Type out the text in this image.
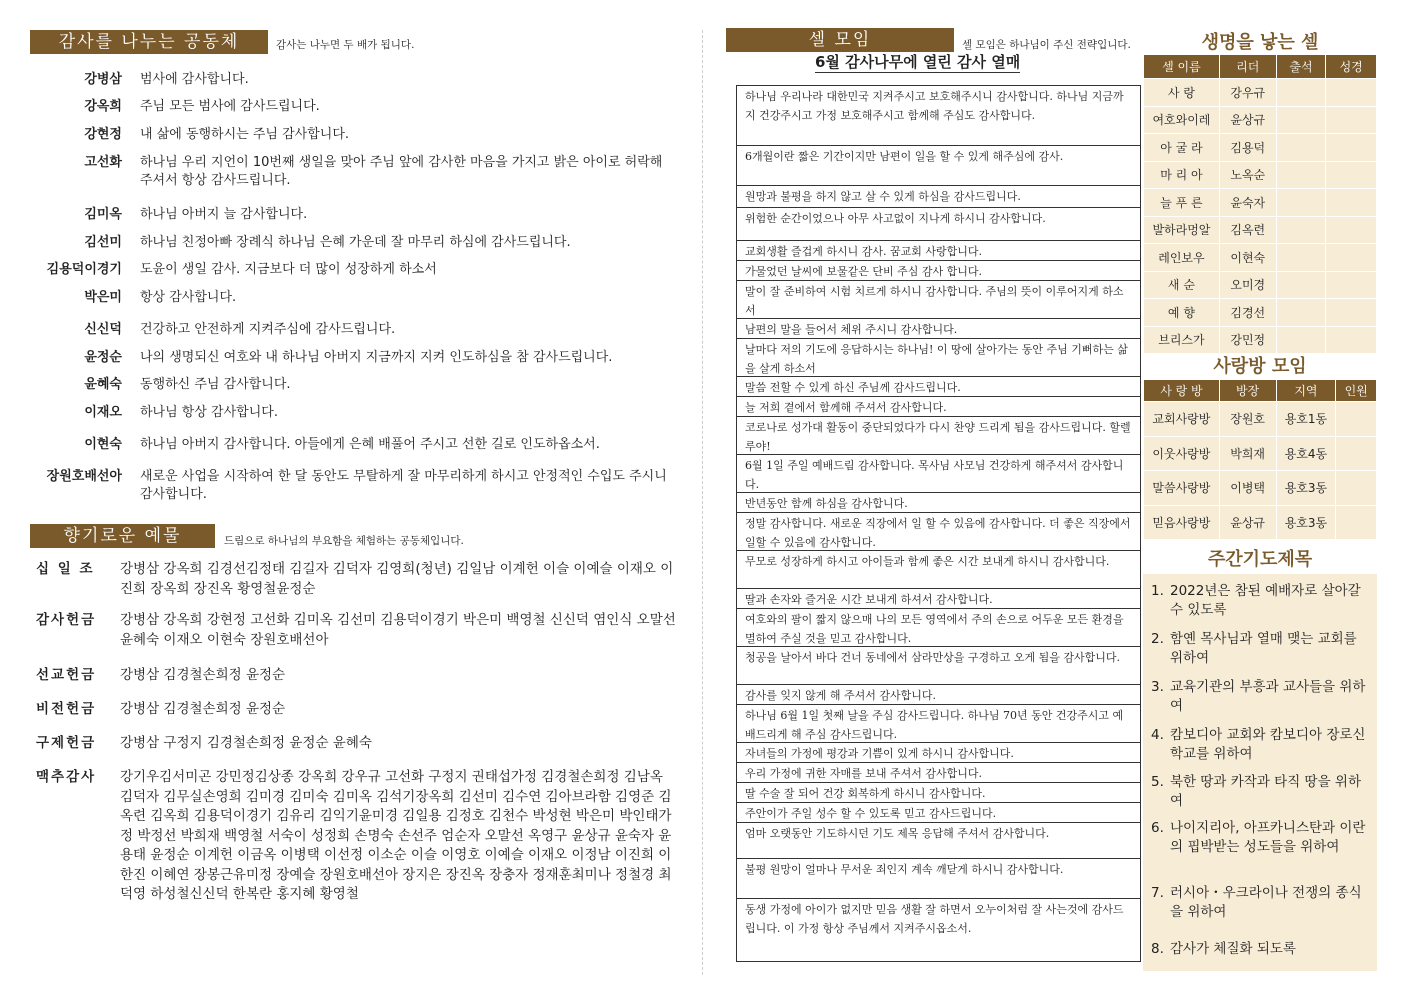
감사를 나누는 공동체	감사는 나누면 두 배가 됩니다.
강병삼 범사에 감사합니다.
강옥희 주님 모든 범사에 감사드립니다.
강현정 내 삶에 동행하시는 주님 감사합니다.
고선화 하나님 우리 지언이 10번째 생일을 맞아 주님 앞에 감사한 마음을 가지고 밝은 아이로 허락해 주셔서 항상 감사드립니다.
김미옥 하나님 아버지 늘 감사합니다.
김선미 하나님 친정아빠 장례식 하나님 은혜 가운데 잘 마무리 하심에 감사드립니다.
김용덕이경기 도윤이 생일 감사. 지금보다 더 많이 성장하게 하소서
박은미 항상 감사합니다.
신신덕 건강하고 안전하게 지켜주심에 감사드립니다.
윤정순 나의 생명되신 여호와 내 하나님 아버지 지금까지 지켜 인도하심을 참 감사드립니다.
윤혜숙 동행하신 주님 감사합니다.
이재오 하나님 항상 감사합니다.
이현숙 하나님 아버지 감사합니다. 아들에게 은혜 배풀어 주시고 선한 길로 인도하옵소서.
장원호배선아 새로운 사업을 시작하여 한 달 동안도 무탈하게 잘 마무리하게 하시고 안정적인 수입도 주시니 감사합니다.
향기로운 예물	드림으로 하나님의 부요함을 체험하는 공동체입니다.
십 일 조	강병삼 강옥희 김경선김정태 김길자 김덕자 김영희(청년) 김일남 이계헌 이슬 이예슬 이재오 이진희 장옥희 장진옥 황영철윤정순
감사헌금	강병삼 강옥희 강현정 고선화 김미옥 김선미 김용덕이경기 박은미 백영철 신신덕 염인식 오말선 윤혜숙 이재오 이현숙 장원호배선아
선교헌금	강병삼 김경철손희정 윤정순
비전헌금	강병삼 김경철손희정 윤정순
구제헌금	강병삼 구정지 김경철손희정 윤정순 윤혜숙
맥추감사	강기우김서미곤 강민정김상종 강옥희 강우규 고선화 구정지 권태섭가정 김경철손희정 김남옥 김덕자 김무실손영희 김미경 김미숙 김미옥 김석기장옥희 김선미 김수연 김아브라함 김영준 김옥련 김옥희 김용덕이경기 김유리 김익기윤미경 김일용 김정호 김천수 박성현 박은미 박인태가정 박정선 박희재 백영철 서숙이 성정희 손명숙 손선주 엄순자 오말선 옥영구 윤상규 윤숙자 윤용태 윤정순 이계헌 이금옥 이병택 이선정 이소순 이슬 이영호 이예슬 이재오 이정남 이진희 이한진 이혜연 장봉근유미정 장예슬 장원호배선아 장지은 장진옥 장충자 정재훈최미나 정철경 최덕영 하성철신신덕 한복란 홍지혜 황영철
셀 모임	셀 모임은 하나님이 주신 전략입니다.
6월 감사나무에 열린 감사 열매
하나님 우리나라 대한민국 지켜주시고 보호해주시니 감사합니다. 하나님 지금까지 건강주시고 가정 보호해주시고 함께해 주심도 감사합니다.
6개월이란 짧은 기간이지만 남편이 일을 할 수 있게 해주심에 감사.
원망과 불평을 하지 않고 살 수 있게 하심을 감사드립니다.
위험한 순간이었으나 아무 사고없이 지나게 하시니 감사합니다.
교회생활 즐겁게 하시니 감사. 꿈교회 사랑합니다.
가물었던 날씨에 보물같은 단비 주심 감사 합니다.
말이 잘 준비하여 시험 치르게 하시니 감사합니다. 주님의 뜻이 이루어지게 하소서
남편의 말을 들어서 체위 주시니 감사합니다.
날마다 저의 기도에 응답하시는 하나님! 이 땅에 살아가는 동안 주님 기뻐하는 삶을 살게 하소서
말씀 전할 수 있게 하신 주님께 감사드립니다.
늘 저희 곁에서 함께해 주셔서 감사합니다.
코로나로 성가대 활동이 중단되었다가 다시 찬양 드리게 됨을 감사드립니다. 할렐루야!
6월 1일 주일 예배드림 감사합니다. 목사님 사모님 건강하게 해주셔서 감사합니다.
반년동안 함께 하심을 감사합니다.
정말 감사합니다. 새로운 직장에서 일 할 수 있음에 감사합니다. 더 좋은 직장에서 일할 수 있음에 감사합니다.
무모로 성장하게 하시고 아이들과 함께 좋은 시간 보내게 하시니 감사합니다.
딸과 손자와 즐거운 시간 보내게 하셔서 감사합니다.
여호와의 팔이 짧지 않으매 나의 모든 영역에서 주의 손으로 어두운 모든 환경을 멸하여 주실 것을 믿고 감사합니다.
청공을 날아서 바다 건너 동네에서 삼라만상을 구경하고 오게 됨을 감사합니다.
감사를 잊지 않게 해 주셔서 감사합니다.
하나님 6월 1일 첫째 날을 주심 감사드립니다. 하나님 70년 동안 건강주시고 예배드리게 해 주심 감사드립니다.
자녀들의 가정에 평강과 기쁨이 있게 하시니 감사합니다.
우리 가정에 귀한 자매를 보내 주셔서 감사합니다.
딸 수술 잘 되어 건강 회복하게 하시니 감사합니다.
주안이가 주일 성수 할 수 있도록 믿고 감사드립니다.
엄마 오랫동안 기도하시던 기도 제목 응답해 주셔서 감사합니다.
불평 원망이 얼마나 무서운 죄인지 계속 깨닫게 하시니 감사합니다.
동생 가정에 아이가 없지만 믿음 생활 잘 하면서 오누이처럼 잘 사는것에 감사드립니다. 이 가정 항상 주님께서 지켜주시옵소서.
생명을 낳는 셀
셀 이름	리더	출석	성경
사 랑	강우규		
여호와이레	윤상규		
아 굴 라	김용덕		
마 리 아	노옥순		
늘 푸 른	윤숙자		
발하라멍알	김옥련		
레인보우	이현숙		
새 순	오미경		
예 향	김경선		
브리스가	강민정		
사랑방 모임
사 랑 방	방장	지역	인원
교회사랑방	장원호	용호1동	
이웃사랑방	박희재	용호4동	
말씀사랑방	이병택	용호3동	
믿음사랑방	윤상규	용호3동	
주간기도제목
1. 2022년은 참된 예배자로 살아갈 수 있도록
2. 함옌 목사님과 열매 맺는 교회를 위하여
3. 교육기관의 부흥과 교사들을 위하여
4. 캄보디아 교회와 캄보디아 장로신학교를 위하여
5. 북한 땅과 카작과 타직 땅을 위하여
6. 나이지리아, 아프카니스탄과 이란의 핍박받는 성도들을 위하여
7. 러시아・우크라이나 전쟁의 종식을 위하여
8. 감사가 체질화 되도록
